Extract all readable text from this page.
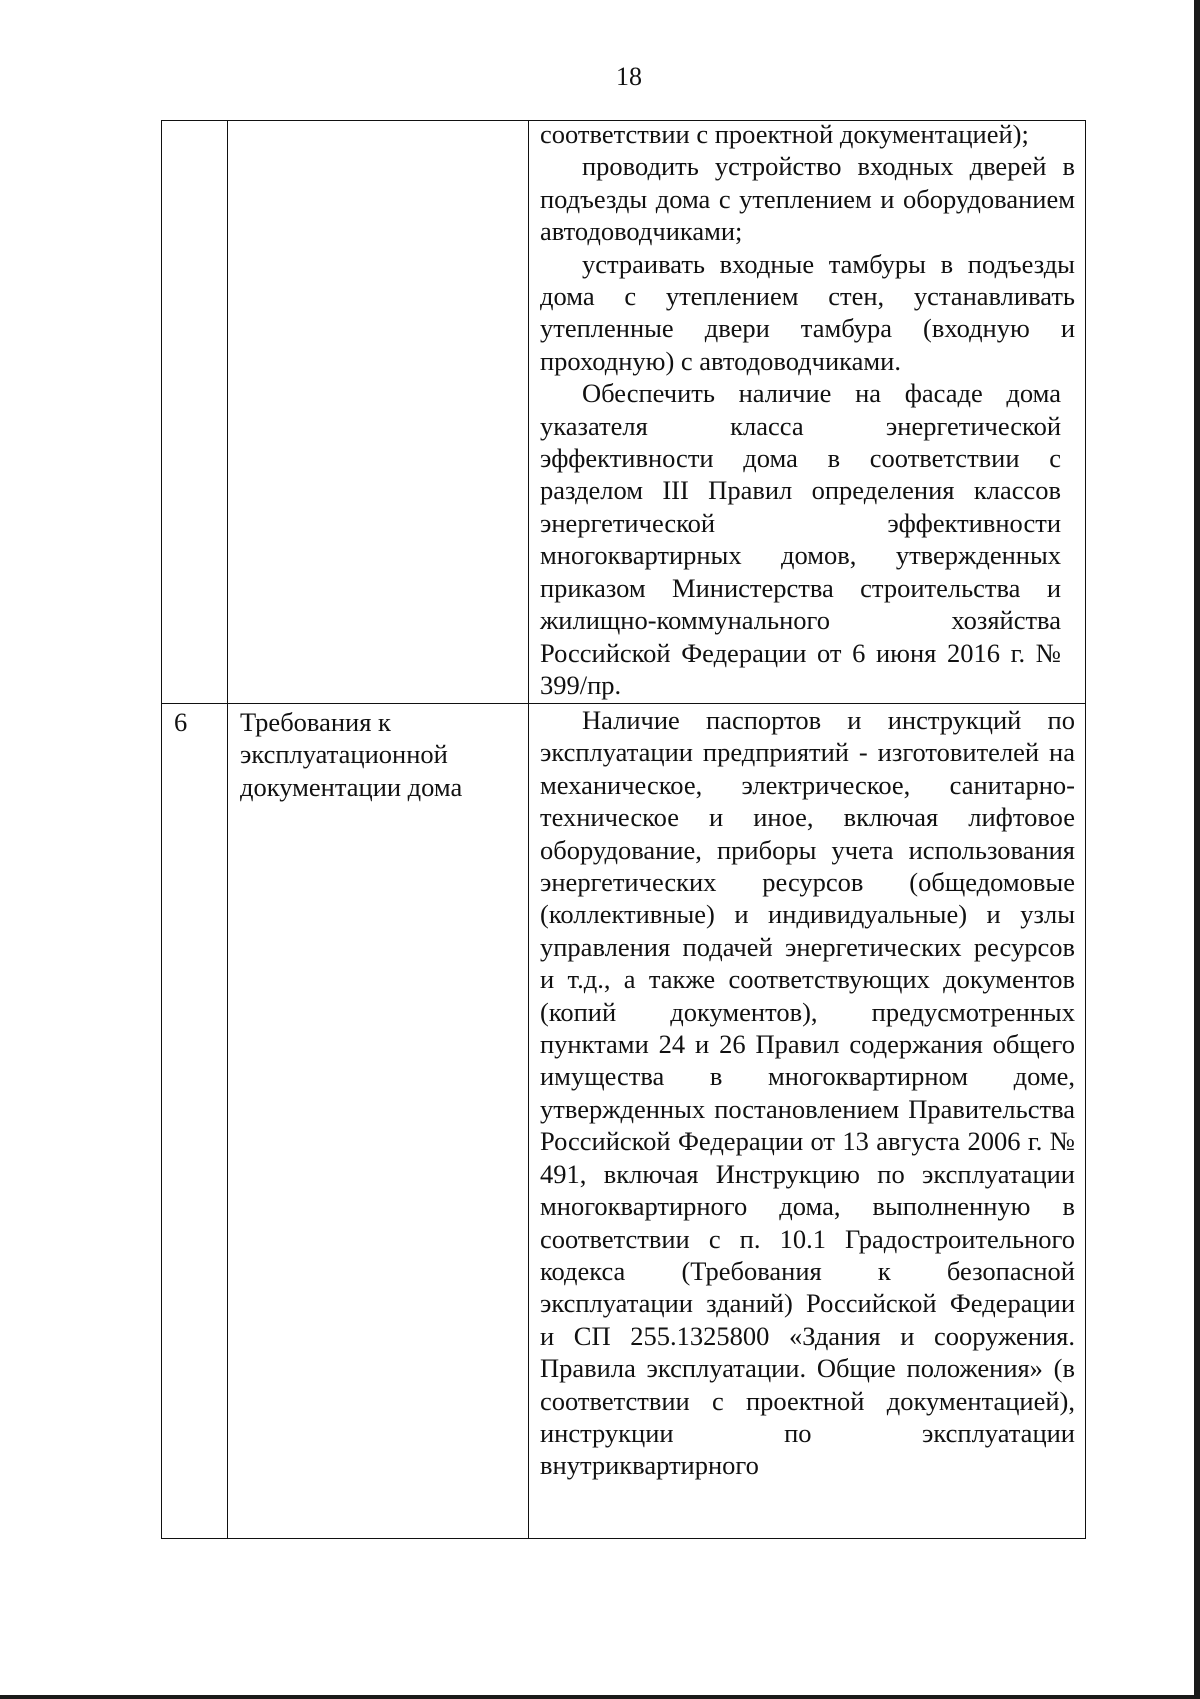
18

		соответствии с проектной документацией);

проводить устройство входных дверей в подъезды дома с утеплением и оборудованием автодоводчиками;

устраивать входные тамбуры в подъезды дома с утеплением стен, устанавливать утепленные двери тамбура (входную и проходную) с автодоводчиками.

Обеспечить наличие на фасаде дома указателя класса энергетической эффективности дома в соответствии с разделом III Правил определения классов энергетической эффективности многоквартирных домов, утвержденных приказом Министерства строительства и жилищно-коммунального хозяйства Российской Федерации от 6 июня 2016 г. № 399/пр.

6	Требования к эксплуатационной документации дома	Наличие паспортов и инструкций по эксплуатации предприятий - изготовителей на механическое, электрическое, санитарно-техническое и иное, включая лифтовое оборудование, приборы учета использования энергетических ресурсов (общедомовые (коллективные) и индивидуальные) и узлы управления подачей энергетических ресурсов и т.д., а также соответствующих документов (копий документов), предусмотренных пунктами 24 и 26 Правил содержания общего имущества в многоквартирном доме, утвержденных постановлением Правительства Российской Федерации от 13 августа 2006 г. № 491, включая Инструкцию по эксплуатации многоквартирного дома, выполненную в соответствии с п. 10.1 Градостроительного кодекса (Требования к безопасной эксплуатации зданий) Российской Федерации и СП 255.1325800 «Здания и сооружения. Правила эксплуатации. Общие положения» (в соответствии с проектной документацией), инструкции по эксплуатации внутриквартирного
